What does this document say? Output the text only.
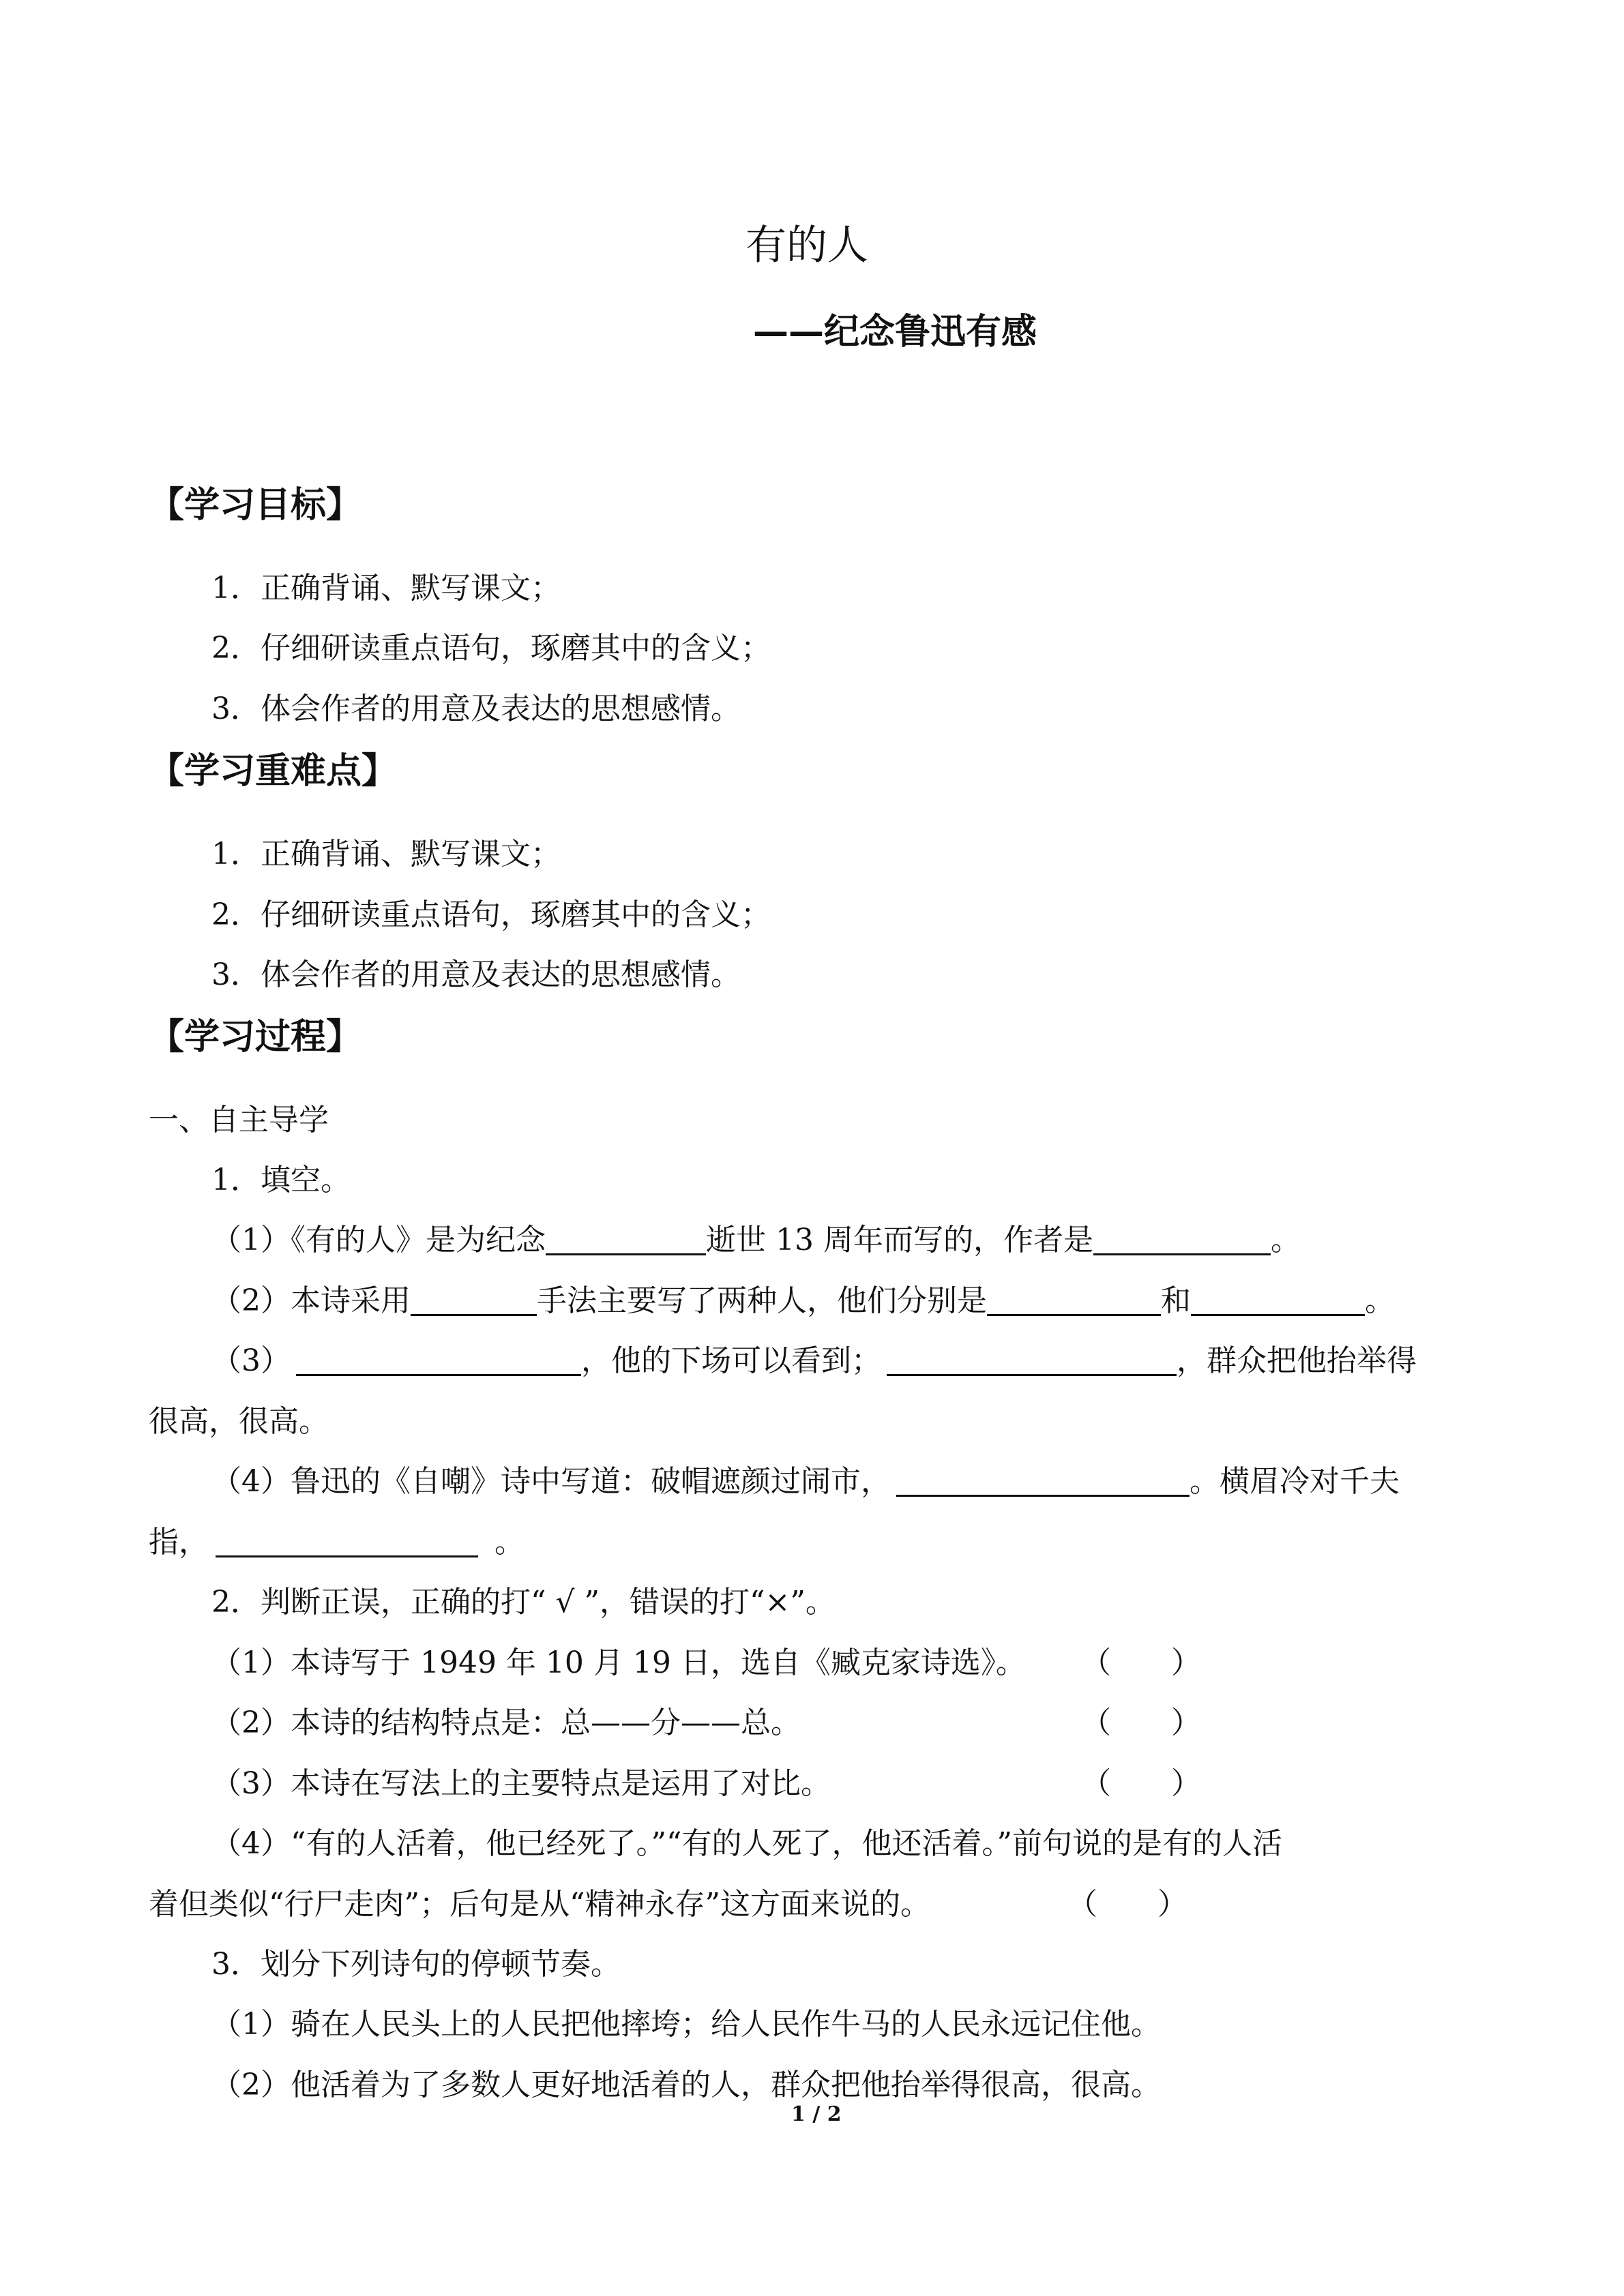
有的人
——纪念鲁迅有感
【学习目标】
1．正确背诵、默写课文；
2．仔细研读重点语句，琢磨其中的含义；
3．体会作者的用意及表达的思想感情。
【学习重难点】
1．正确背诵、默写课文；
2．仔细研读重点语句，琢磨其中的含义；
3．体会作者的用意及表达的思想感情。
【学习过程】
一、自主导学
1．填空。
（1）《有的人》是为纪念	逝世 13 周年而写的，作者是	。
（2）本诗采用	手法主要写了两种人，他们分别是	和	。
（3）	，他的下场可以看到；	，群众把他抬举得
很高，很高。
（4）鲁迅的《自嘲》诗中写道：破帽遮颜过闹市，	。横眉冷对千夫
指，	。
2．判断正误，正确的打“ √ ”，错误的打“×”。
（1）本诗写于 1949 年 10 月 19 日，选自《臧克家诗选》。 （　　）
（2）本诗的结构特点是：总——分——总。	（　　）
（3）本诗在写法上的主要特点是运用了对比。	（　　）
（4）“有的人活着，他已经死了。”“有的人死了，他还活着。”前句说的是有的人活
着但类似“行尸走肉”；后句是从“精神永存”这方面来说的。	（　　）
3．划分下列诗句的停顿节奏。
（1）骑在人民头上的人民把他摔垮；给人民作牛马的人民永远记住他。
（2）他活着为了多数人更好地活着的人，群众把他抬举得很高，很高。
1 / 2
